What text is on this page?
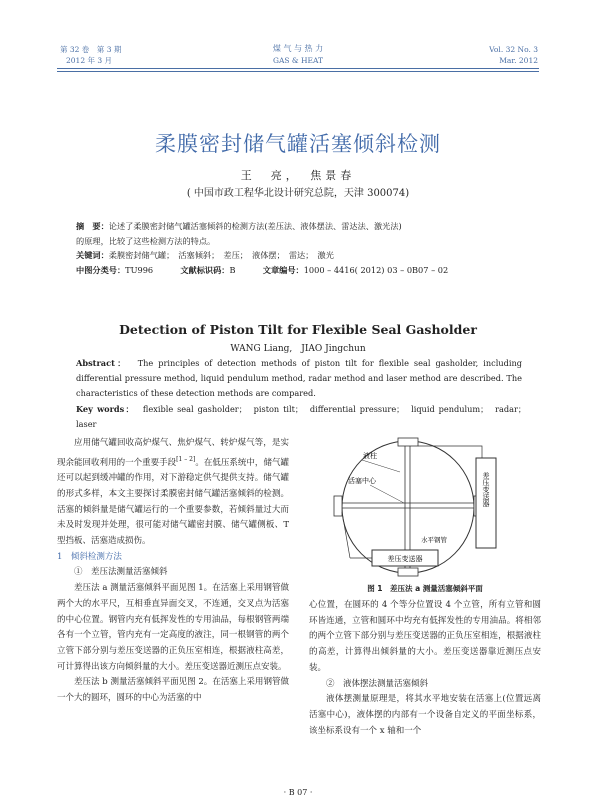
第 32 卷　第 3 期
2012 年 3 月
煤 气 与 热 力
GAS & HEAT
Vol. 32 No. 3
Mar. 2012
柔膜密封储气罐活塞倾斜检测
王　亮，　焦景春
( 中国市政工程华北设计研究总院，天津 300074)
摘　要：论述了柔膜密封储气罐活塞倾斜的检测方法(差压法、液体摆法、雷达法、激光法)
的原理，比较了这些检测方法的特点。
关键词：柔膜密封储气罐；　活塞倾斜；　差压；　液体摆；　雷达；　激光
中图分类号：TU996	文献标识码：B	文章编号：1000 – 4416( 2012) 03 – 0B07 – 02
Detection of Piston Tilt for Flexible Seal Gasholder
WANG Liang,　JIAO Jingchun
Abstract： The principles of detection methods of piston tilt for flexible seal gasholder, including differential pressure method, liquid pendulum method, radar method and laser method are described. The characteristics of these detection methods are compared.
Key words： flexible seal gasholder；　piston tilt；　differential pressure；　liquid pendulum；　radar；　laser

应用储气罐回收高炉煤气、焦炉煤气、转炉煤气等，是实现余能回收利用的一个重要手段[1 – 2]。在低压系统中，储气罐还可以起到缓冲罐的作用，对下游稳定供气提供支持。储气罐的形式多样，本文主要探讨柔膜密封储气罐活塞倾斜的检测。活塞的倾斜量是储气罐运行的一个重要参数，若倾斜量过大而未及时发现并处理，很可能对储气罐密封膜、储气罐侧板、T 型挡板、活塞造成损伤。

1　倾斜检测方法

①　差压法测量活塞倾斜

差压法 a 测量活塞倾斜平面见图 1。在活塞上采用钢管做两个大的水平尺，互相垂直异面交叉，不连通，交叉点为活塞的中心位置。钢管内充有低挥发性的专用油品，每根钢管两端各有一个立管，管内充有一定高度的液注，同一根钢管的两个立管下部分别与差压变送器的正负压室相连，根据液柱高差，可计算得出该方向倾斜量的大小。差压变送器近测压点安装。

差压法 b 测量活塞倾斜平面见图 2。在活塞上采用钢管做一个大的圆环，圆环的中心为活塞的中

液柱
活塞中心
水平钢管
差压变送器
差压变送器
图 1　差压法 a 测量活塞倾斜平面

心位置，在圆环的 4 个等分位置设 4 个立管，所有立管和圆环皆连通，立管和圆环中均充有低挥发性的专用油品。将相邻的两个立管下部分别与差压变送器的正负压室相连，根据液柱的高差，计算得出倾斜量的大小。差压变送器靠近测压点安装。

②　液体摆法测量活塞倾斜

液体摆测量原理是，将其水平地安装在活塞上(位置远离活塞中心)，液体摆的内部有一个设备自定义的平面坐标系，该坐标系设有一个 x 轴和一个

· B 07 ·
